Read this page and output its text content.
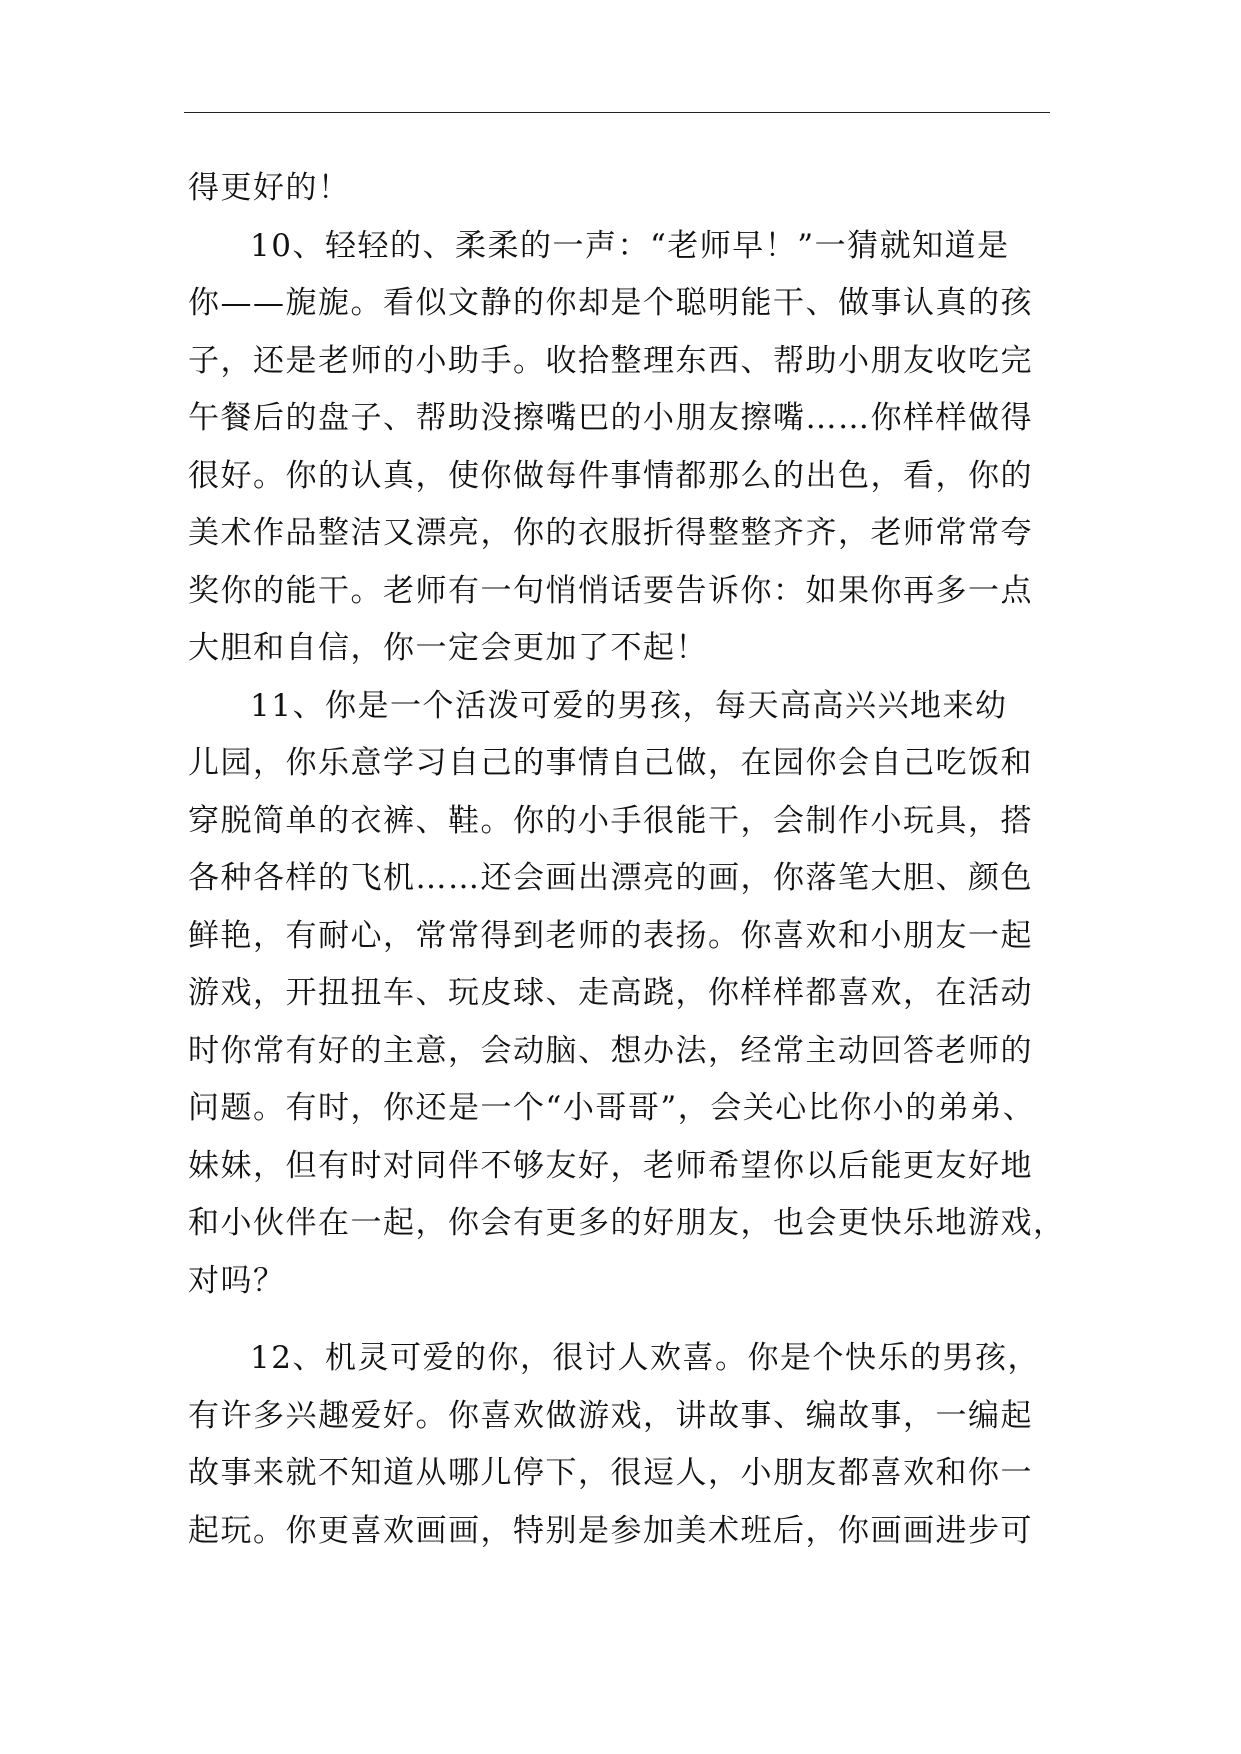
得更好的！

10、轻轻的、柔柔的一声：“老师早！”一猜就知道是
你——旎旎。看似文静的你却是个聪明能干、做事认真的孩
子，还是老师的小助手。收拾整理东西、帮助小朋友收吃完
午餐后的盘子、帮助没擦嘴巴的小朋友擦嘴……你样样做得
很好。你的认真，使你做每件事情都那么的出色，看，你的
美术作品整洁又漂亮，你的衣服折得整整齐齐，老师常常夸
奖你的能干。老师有一句悄悄话要告诉你：如果你再多一点
大胆和自信，你一定会更加了不起！

11、你是一个活泼可爱的男孩，每天高高兴兴地来幼
儿园，你乐意学习自己的事情自己做，在园你会自己吃饭和
穿脱简单的衣裤、鞋。你的小手很能干，会制作小玩具，搭
各种各样的飞机……还会画出漂亮的画，你落笔大胆、颜色
鲜艳，有耐心，常常得到老师的表扬。你喜欢和小朋友一起
游戏，开扭扭车、玩皮球、走高跷，你样样都喜欢，在活动
时你常有好的主意，会动脑、想办法，经常主动回答老师的
问题。有时，你还是一个“小哥哥”，会关心比你小的弟弟、
妹妹，但有时对同伴不够友好，老师希望你以后能更友好地
和小伙伴在一起，你会有更多的好朋友，也会更快乐地游戏，
对吗？

12、机灵可爱的你，很讨人欢喜。你是个快乐的男孩，
有许多兴趣爱好。你喜欢做游戏，讲故事、编故事，一编起
故事来就不知道从哪儿停下，很逗人，小朋友都喜欢和你一
起玩。你更喜欢画画，特别是参加美术班后，你画画进步可
